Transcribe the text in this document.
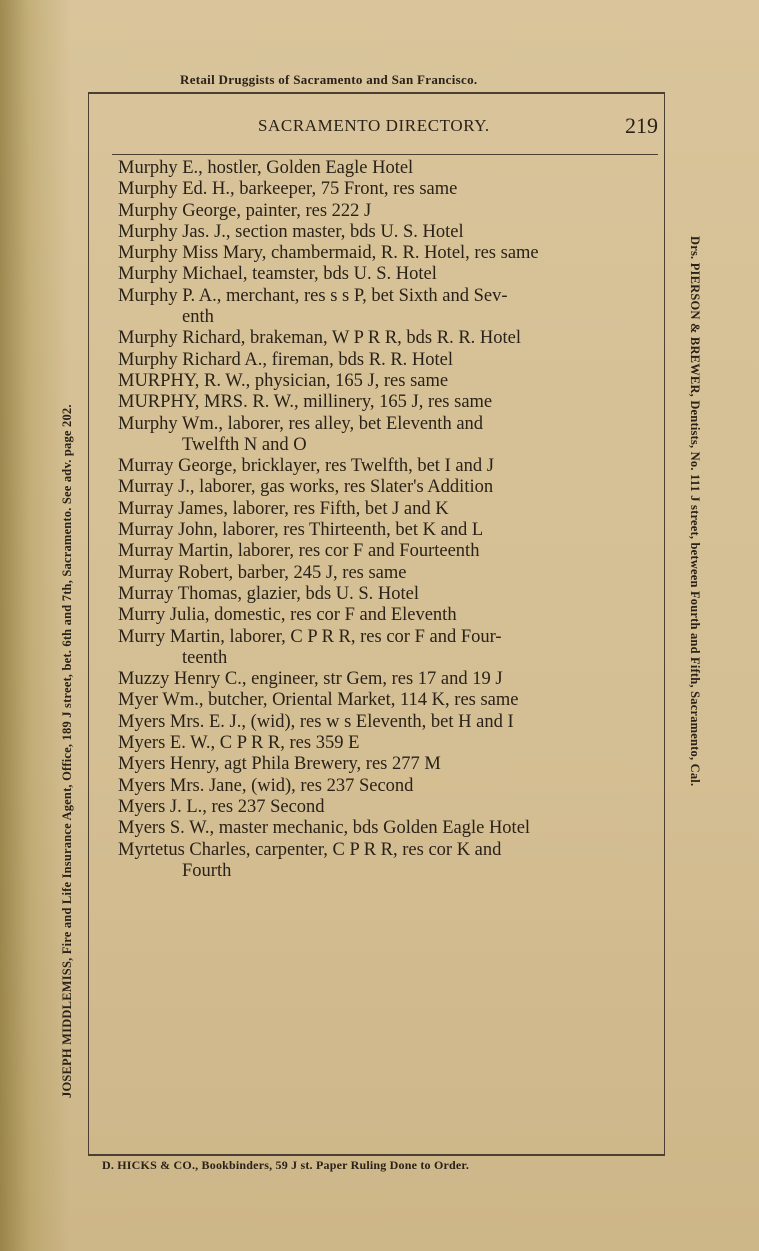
Retail Druggists of Sacramento and San Francisco.
SACRAMENTO DIRECTORY.	219
Murphy E., hostler, Golden Eagle Hotel
Murphy Ed. H., barkeeper, 75 Front, res same
Murphy George, painter, res 222 J
Murphy Jas. J., section master, bds U. S. Hotel
Murphy Miss Mary, chambermaid, R. R. Hotel, res same
Murphy Michael, teamster, bds U. S. Hotel
Murphy P. A., merchant, res s s P, bet Sixth and Sev-
enth
Murphy Richard, brakeman, W P R R, bds R. R. Hotel
Murphy Richard A., fireman, bds R. R. Hotel
MURPHY, R. W., physician, 165 J, res same
MURPHY, MRS. R. W., millinery, 165 J, res same
Murphy Wm., laborer, res alley, bet Eleventh and
Twelfth N and O
Murray George, bricklayer, res Twelfth, bet I and J
Murray J., laborer, gas works, res Slater's Addition
Murray James, laborer, res Fifth, bet J and K
Murray John, laborer, res Thirteenth, bet K and L
Murray Martin, laborer, res cor F and Fourteenth
Murray Robert, barber, 245 J, res same
Murray Thomas, glazier, bds U. S. Hotel
Murry Julia, domestic, res cor F and Eleventh
Murry Martin, laborer, C P R R, res cor F and Four-
teenth
Muzzy Henry C., engineer, str Gem, res 17 and 19 J
Myer Wm., butcher, Oriental Market, 114 K, res same
Myers Mrs. E. J., (wid), res w s Eleventh, bet H and I
Myers E. W., C P R R, res 359 E
Myers Henry, agt Phila Brewery, res 277 M
Myers Mrs. Jane, (wid), res 237 Second
Myers J. L., res 237 Second
Myers S. W., master mechanic, bds Golden Eagle Hotel
Myrtetus Charles, carpenter, C P R R, res cor K and
Fourth
JOSEPH MIDDLEMISS, Fire and Life Insurance Agent, Office, 189 J street, bet. 6th and 7th, Sacramento. See adv. page 202.	Drs. PIERSON & BREWER, Dentists, No. 111 J street, between Fourth and Fifth, Sacramento, Cal.
D. HICKS & CO., Bookbinders, 59 J st. Paper Ruling Done to Order.
